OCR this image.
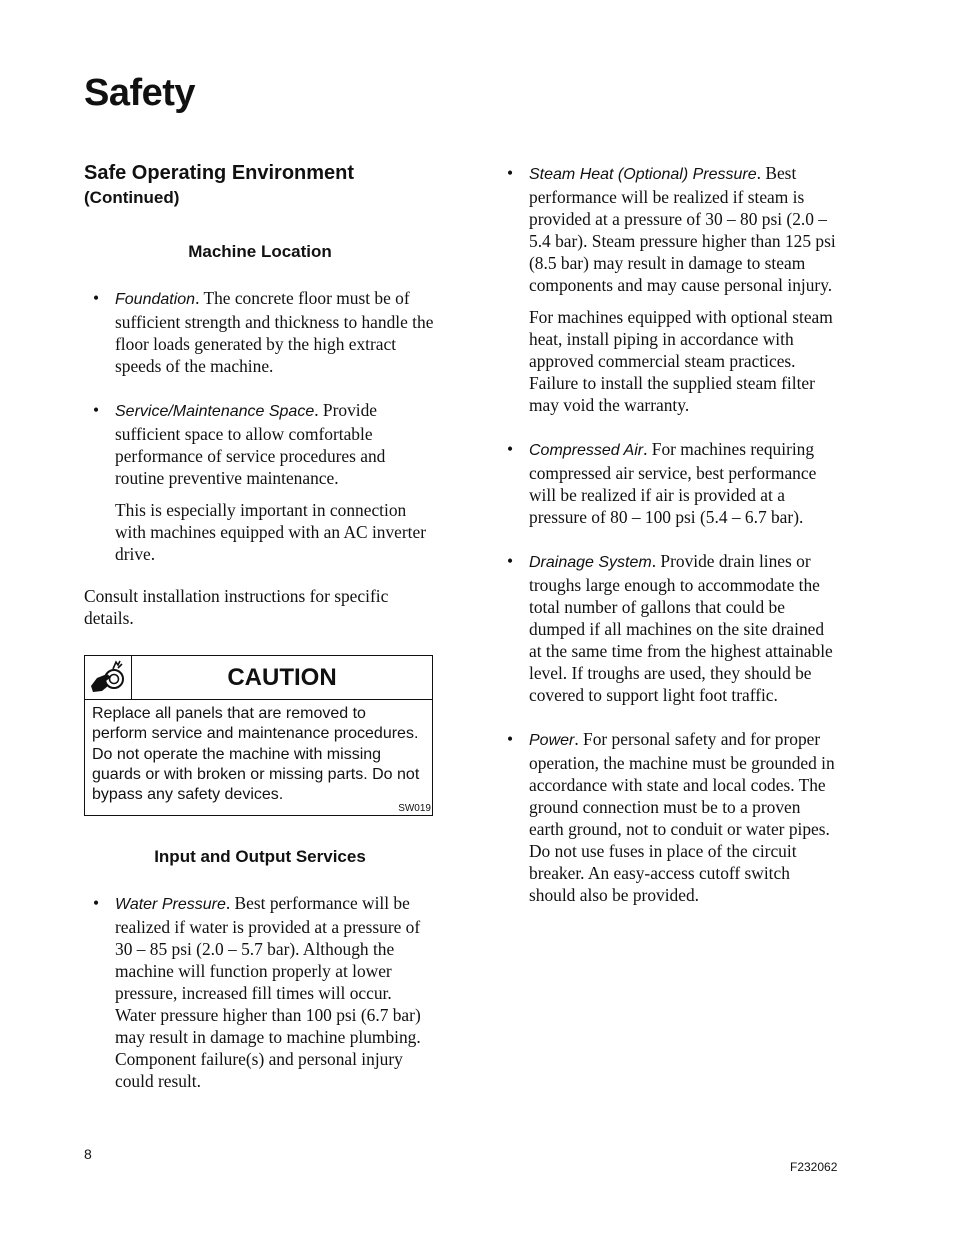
Safety
Safe Operating Environment
(Continued)
Machine Location
• Foundation. The concrete floor must be of sufficient strength and thickness to handle the floor loads generated by the high extract speeds of the machine.
• Service/Maintenance Space. Provide sufficient space to allow comfortable performance of service procedures and routine preventive maintenance.
This is especially important in connection with machines equipped with an AC inverter drive.
Consult installation instructions for specific details.
CAUTION
Replace all panels that are removed to perform service and maintenance procedures. Do not operate the machine with missing guards or with broken or missing parts. Do not bypass any safety devices.
SW019
Input and Output Services
• Water Pressure. Best performance will be realized if water is provided at a pressure of 30 – 85 psi (2.0 – 5.7 bar). Although the machine will function properly at lower pressure, increased fill times will occur. Water pressure higher than 100 psi (6.7 bar) may result in damage to machine plumbing. Component failure(s) and personal injury could result.
• Steam Heat (Optional) Pressure. Best performance will be realized if steam is provided at a pressure of 30 – 80 psi (2.0 – 5.4 bar). Steam pressure higher than 125 psi (8.5 bar) may result in damage to steam components and may cause personal injury.
For machines equipped with optional steam heat, install piping in accordance with approved commercial steam practices. Failure to install the supplied steam filter may void the warranty.
• Compressed Air. For machines requiring compressed air service, best performance will be realized if air is provided at a pressure of 80 – 100 psi (5.4 – 6.7 bar).
• Drainage System. Provide drain lines or troughs large enough to accommodate the total number of gallons that could be dumped if all machines on the site drained at the same time from the highest attainable level. If troughs are used, they should be covered to support light foot traffic.
• Power. For personal safety and for proper operation, the machine must be grounded in accordance with state and local codes. The ground connection must be to a proven earth ground, not to conduit or water pipes. Do not use fuses in place of the circuit breaker. An easy-access cutoff switch should also be provided.
8
F232062
